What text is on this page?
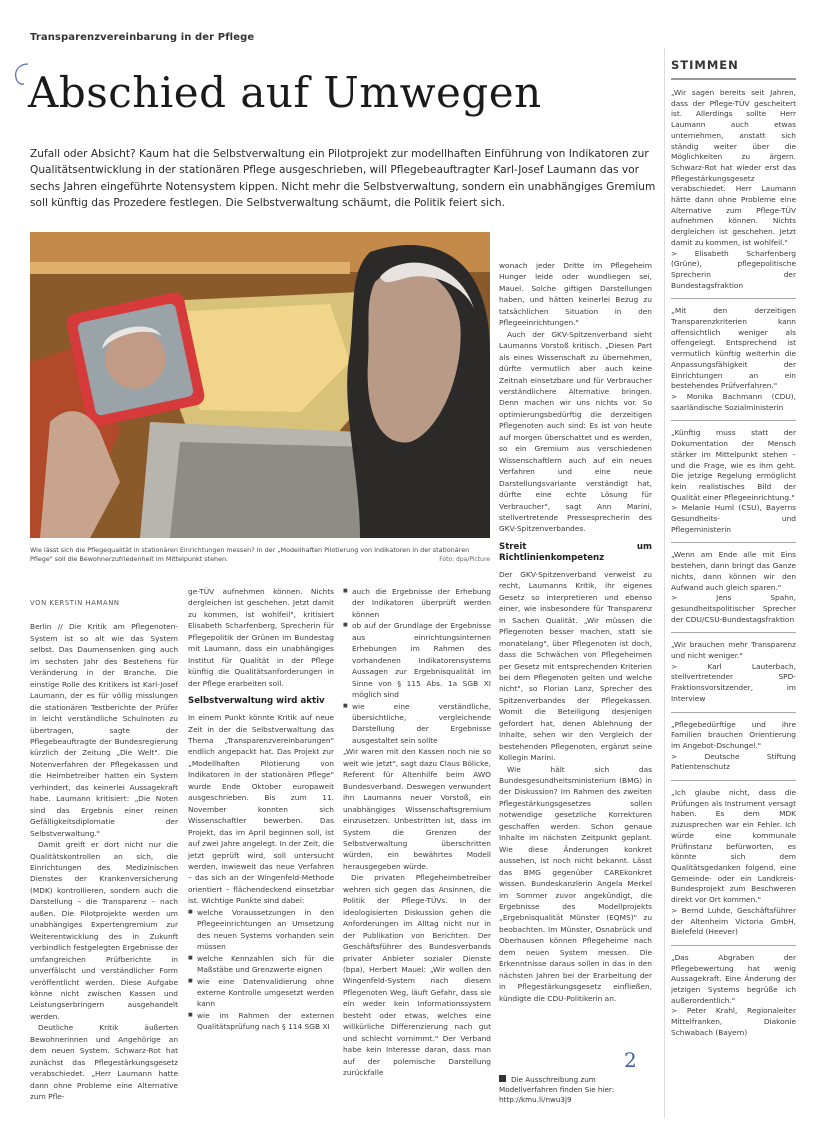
Transparenzvereinbarung in der Pflege
Abschied auf Umwegen

Zufall oder Absicht? Kaum hat die Selbstverwaltung ein Pilotprojekt zur modellhaften Einführung von Indikatoren zur Qualitätsentwicklung in der stationären Pflege ausgeschrieben, will Pflegebeauftragter Karl-Josef Laumann das vor sechs Jahren eingeführte Notensystem kippen. Nicht mehr die Selbstverwaltung, sondern ein unabhängiges Gremium soll künftig das Prozedere festlegen. Die Selbstverwaltung schäumt, die Politik feiert sich.

Wie lässt sich die Pflegequalität in stationären Einrichtungen messen? In der „Modellhaften Pilotierung von Indikatoren in der stationären Pflege" soll die Bewohnerzufriedenheit im Mittelpunkt stehen.	Foto: dpa/Picture
VON KERSTIN HAMANN

Berlin // Die Kritik am Pflegenoten-System ist so alt wie das System selbst. Das Daumensenken ging auch im sechsten Jahr des Bestehens für Veränderung in der Branche. Die einstige Rolle des Kritikers ist Karl-Josef Laumann, der es für völlig misslungen die stationären Testberichte der Prüfer in leicht verständliche Schulnoten zu übertragen, sagte der Pflegebeauftragte der Bundesregierung kürzlich der Zeitung „Die Welt". Die Notenverfahren der Pflegekassen und die Heimbetreiber hatten ein System verhindert, das keinerlei Aussagekraft habe. Laumann kritisiert: „Die Noten sind das Ergebnis einer reinen Gefälligkeitsdiplomatie der Selbstverwaltung."

Damit greift er dort nicht nur die Qualitätskontrollen an sich, die Einrichtungen des Medizinischen Dienstes der Krankenversicherung (MDK) kontrollieren, sondern auch die Darstellung – die Transparenz – nach außen. Die Pilotprojekte werden um unabhängiges Expertengremium zur Weiterentwicklung des in Zukunft verbindlich festgelegten Ergebnisse der umfangreichen Prüfberichte in unverfälscht und verständlicher Form veröffentlicht werden. Diese Aufgabe könne nicht zwischen Kassen und Leistungserbringern ausgehandelt werden.

Deutliche Kritik äußerten Bewohnerinnen und Angehörige an dem neuen System. Schwarz-Rot hat zunächst das Pflegestärkungsgesetz verabschiedet. „Herr Laumann hatte dann ohne Probleme eine Alternative zum Pfle-

ge-TÜV aufnehmen können. Nichts dergleichen ist geschehen. Jetzt damit zu kommen, ist wohlfeil", kritisiert Elisabeth Scharfenberg, Sprecherin für Pflegepolitik der Grünen im Bundestag mit Laumann, dass ein unabhängiges Institut für Qualität in der Pflege künftig die Qualitätsanforderungen in der Pflege erarbeiten soll.

Selbstverwaltung wird aktiv

In einem Punkt könnte Kritik auf neue Zeit in der die Selbstverwaltung das Thema „Transparenzvereinbarungen" endlich angepackt hat. Das Projekt zur „Modellhaften Pilotierung von Indikatoren in der stationären Pflege" wurde Ende Oktober europaweit ausgeschrieben. Bis zum 11. November konnten sich Wissenschaftler bewerben. Das Projekt, das im April beginnen soll, ist auf zwei Jahre angelegt. In der Zeit, die jetzt geprüft wird, soll untersucht werden, inwieweit das neue Verfahren – das sich an der Wingenfeld-Methode orientiert – flächendeckend einsetzbar ist. Wichtige Punkte sind dabei:

■ welche Voraussetzungen in den Pflegeeinrichtungen an Umsetzung des neuen Systems vorhanden sein müssen
■ welche Kennzahlen sich für die Maßstäbe und Grenzwerte eignen
■ wie eine Datenvalidierung ohne externe Kontrolle umgesetzt werden kann
■ wie im Rahmen der externen Qualitätsprüfung nach § 114 SGB XI
■ auch die Ergebnisse der Erhebung der Indikatoren überprüft werden können
■ ob auf der Grundlage der Ergebnisse aus einrichtungsinternen Erhebungen im Rahmen des vorhandenen Indikatorensystems Aussagen zur Ergebnisqualität im Sinne von § 115 Abs. 1a SGB XI möglich sind
■ wie eine verständliche, übersichtliche, vergleichende Darstellung der Ergebnisse ausgestaltet sein sollte

„Wir waren mit den Kassen noch nie so weit wie jetzt", sagt dazu Claus Bölicke, Referent für Altenhilfe beim AWO Bundesverband. Deswegen verwundert ihn Laumanns neuer Vorstoß, ein unabhängiges Wissenschaftsgremium einzusetzen. Unbestritten ist, dass im System die Grenzen der Selbstverwaltung überschritten würden, ein bewährtes Modell herausgegeben würde.

Die privaten Pflegeheimbetreiber wehren sich gegen das Ansinnen, die Politik der Pflege-TÜVs. In der ideologisierten Diskussion gehen die Anforderungen im Alltag nicht nur in der Publikation von Berichten. Der Geschäftsführer des Bundesverbands privater Anbieter sozialer Dienste (bpa), Herbert Mauel: „Wir wollen den Wingenfeld-System nach diesem Pflegenoten Weg, läuft Gefahr, dass sie ein weder kein Informationssystem besteht oder etwas, welches eine willkürliche Differenzierung nach gut und schlecht vornimmt." Der Verband habe kein Interesse daran, dass man auf der polemische Darstellung zurückfalle

wonach jeder Dritte im Pflegeheim Hunger leide oder wundliegen sei, Mauel. Solche giftigen Darstellungen haben, und hätten keinerlei Bezug zu tatsächlichen Situation in den Pflegeeinrichtungen."

Auch der GKV-Spitzenverband sieht Laumanns Vorstoß kritisch. „Diesen Part als eines Wissenschaft zu übernehmen, dürfte vermutlich aber auch keine Zeitnah einsetzbare und für Verbraucher verständlichere Alternative bringen. Denn machen wir uns nichts vor. So optimierungsbedürftig die derzeitigen Pflegenoten auch sind: Es ist von heute auf morgen überschattet und es werden, so ein Gremium aus verschiedenen Wissenschaftlern auch auf ein neues Verfahren und eine neue Darstellungsvariante verständigt hat, dürfte eine echte Lösung für Verbraucher", sagt Ann Marini, stellvertretende Pressesprecherin des GKV-Spitzenverbandes.

Streit um Richtlinienkompetenz

Der GKV-Spitzenverband verweist zu recht, Laumanns Kritik, ihr eigenes Gesetz so interpretieren und ebenso einer, wie insbesondere für Transparenz in Sachen Qualität. „Wir müssen die Pflegenoten besser machen, statt sie monatelang", über Pflegenoten ist doch, dass die Schwächen von Pflegeheimen per Gesetz mit entsprechenden Kriterien bei dem Pflegenoten gelten und welche nicht", so Florian Lanz, Sprecher des Spitzenverbandes der Pflegekassen. Womit die Beteiligung desjenigen gefordert hat, denen Ablehnung der Inhalte, sehen wir den Vergleich der bestehenden Pflegenoten, ergänzt seine Kollegin Marini.

Wie hält sich das Bundesgesundheitsministerium (BMG) in der Diskussion? Im Rahmen des zweiten Pflegestärkungsgesetzes sollen notwendige gesetzliche Korrekturen geschaffen werden. Schon genaue Inhalte im nächsten Zeitpunkt geplant. Wie diese Änderungen konkret aussehen, ist noch nicht bekannt. Lässt das BMG gegenüber CAREkonkret wissen. Bundeskanzlerin Angela Merkel im Sommer zuvor angekündigt, die Ergebnisse des Modellprojekts „Ergebnisqualität Münster (EQMS)" zu beobachten. Im Münster, Osnabrück und Oberhausen können Pflegeheime nach dem neuen System messen. Die Erkenntnisse daraus sollen in das in den nächsten Jahren bei der Erarbeitung der in Pflegestärkungsgesetz einfließen, kündigte die CDU-Politikerin an.

Die Ausschreibung zum Modellverfahren finden Sie hier: http://kmu.li/nwu3j9
2
STIMMEN
„Wir sagen bereits seit Jahren, dass der Pflege-TÜV gescheitert ist. Allerdings sollte Herr Laumann auch etwas unternehmen, anstatt sich ständig weiter über die Möglichkeiten zu ärgern. Schwarz-Rot hat wieder erst das Pflegestärkungsgesetz verabschiedet. Herr Laumann hätte dann ohne Probleme eine Alternative zum Pflege-TÜV aufnehmen können. Nichts dergleichen ist geschehen. Jetzt damit zu kommen, ist wohlfeil."
> Elisabeth Scharfenberg (Grüne), pflegepolitische Sprecherin der Bundestagsfraktion
„Mit den derzeitigen Transparenzkriterien kann offensichtlich weniger als offengelegt. Entsprechend ist vermutlich künftig weiterhin die Anpassungsfähigkeit der Einrichtungen an ein bestehendes Prüfverfahren."
> Monika Bachmann (CDU), saarländische Sozialministerin
„Künftig muss statt der Dokumentation der Mensch stärker im Mittelpunkt stehen – und die Frage, wie es ihm geht. Die jetzige Regelung ermöglicht kein realistisches Bild der Qualität einer Pflegeeinrichtung."
> Melanie Huml (CSU), Bayerns Gesundheits- und Pflegeministerin
„Wenn am Ende alle mit Eins bestehen, dann bringt das Ganze nichts, dann können wir den Aufwand auch gleich sparen."
> Jens Spahn, gesundheitspolitischer Sprecher der CDU/CSU-Bundestagsfraktion
„Wir brauchen mehr Transparenz und nicht weniger."
> Karl Lauterbach, stellvertretender SPD-Fraktionsvorsitzender, im Interview
„Pflegebedürftige und ihre Familien brauchen Orientierung im Angebot-Dschungel."
> Deutsche Stiftung Patientenschutz
„Ich glaube nicht, dass die Prüfungen als Instrument versagt haben. Es dem MDK zuzusprechen war ein Fehler. Ich würde eine kommunale Prüfinstanz befürworten, es könnte sich dem Qualitätsgedanken folgend, eine Gemeinde- oder ein Landkreis-Bundesprojekt zum Beschweren direkt vor Ort kommen."
> Bernd Luhde, Geschäftsführer der Altenheim Victoria GmbH, Bielefeld (Heever)
„Das Abgraben der Pflegebewertung hat wenig Aussagekraft. Eine Änderung der jetzigen Systems begrüße ich außerordentlich."
> Peter Krahl, Regionaleiter Mittelfranken, Diakonie Schwabach (Bayern)
